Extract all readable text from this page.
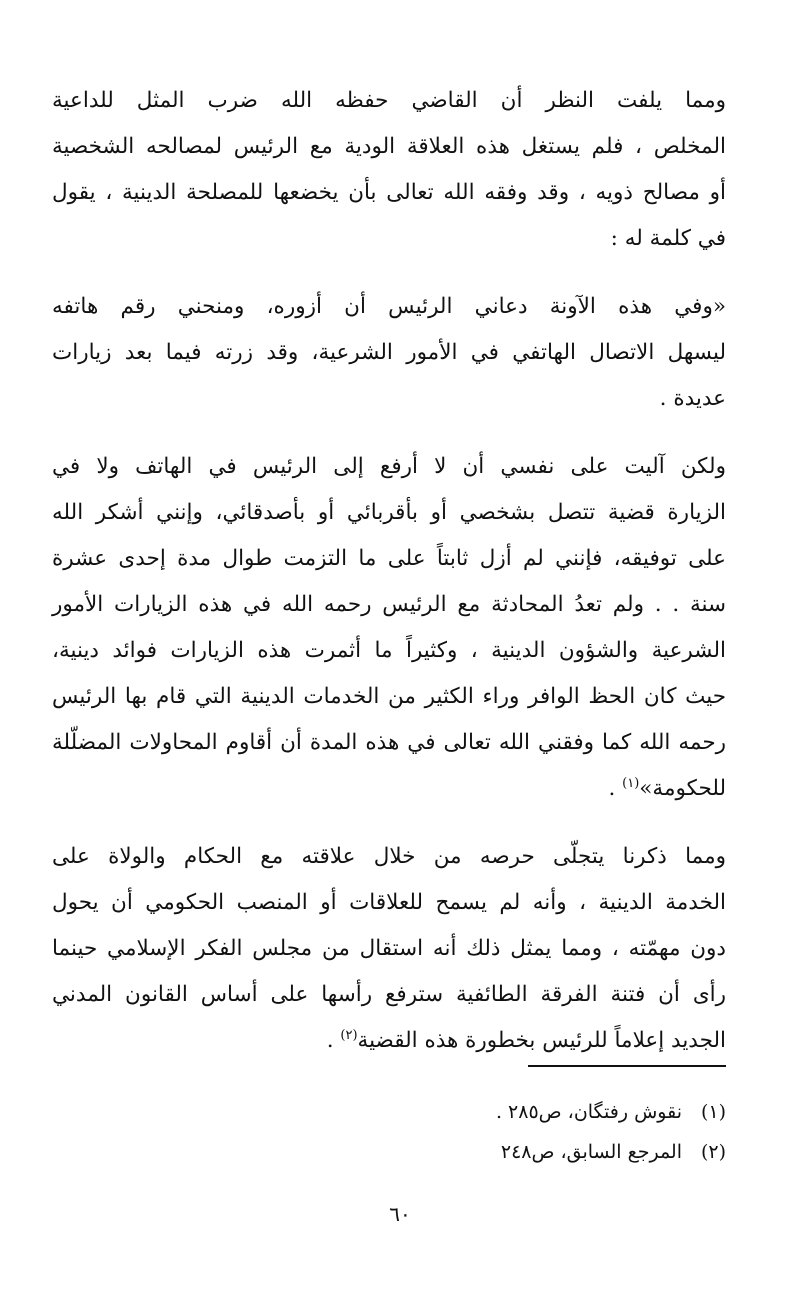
ومما يلفت النظر أن القاضي حفظه الله ضرب المثل للداعية
المخلص ، فلم يستغل هذه العلاقة الودية مع الرئيس لمصالحه الشخصية
أو مصالح ذويه ، وقد وفقه الله تعالى بأن يخضعها للمصلحة الدينية ، يقول
في كلمة له :

«وفي هذه الآونة دعاني الرئيس أن أزوره، ومنحني رقم هاتفه
ليسهل الاتصال الهاتفي في الأمور الشرعية، وقد زرته فيما بعد زيارات
عديدة .

ولكن آليت على نفسي أن لا أرفع إلى الرئيس في الهاتف ولا في
الزيارة قضية تتصل بشخصي أو بأقربائي أو بأصدقائي، وإنني أشكر الله
على توفيقه، فإنني لم أزل ثابتاً على ما التزمت طوال مدة إحدى عشرة
سنة . . ولم تعدُ المحادثة مع الرئيس رحمه الله في هذه الزيارات الأمور
الشرعية والشؤون الدينية ، وكثيراً ما أثمرت هذه الزيارات فوائد دينية،
حيث كان الحظ الوافر وراء الكثير من الخدمات الدينية التي قام بها الرئيس
رحمه الله كما وفقني الله تعالى في هذه المدة أن أقاوم المحاولات المضلّلة
للحكومة»$^{(١)}$ .

ومما ذكرنا يتجلّى حرصه من خلال علاقته مع الحكام والولاة على
الخدمة الدينية ، وأنه لم يسمح للعلاقات أو المنصب الحكومي أن يحول
دون مهمّته ، ومما يمثل ذلك أنه استقال من مجلس الفكر الإسلامي حينما
رأى أن فتنة الفرقة الطائفية سترفع رأسها على أساس القانون المدني
الجديد إعلاماً للرئيس بخطورة هذه القضية$^{(٢)}$ .

(١)نقوش رفتگان، ص٢٨٥ .
(٢)المرجع السابق، ص٢٤٨
٦٠
